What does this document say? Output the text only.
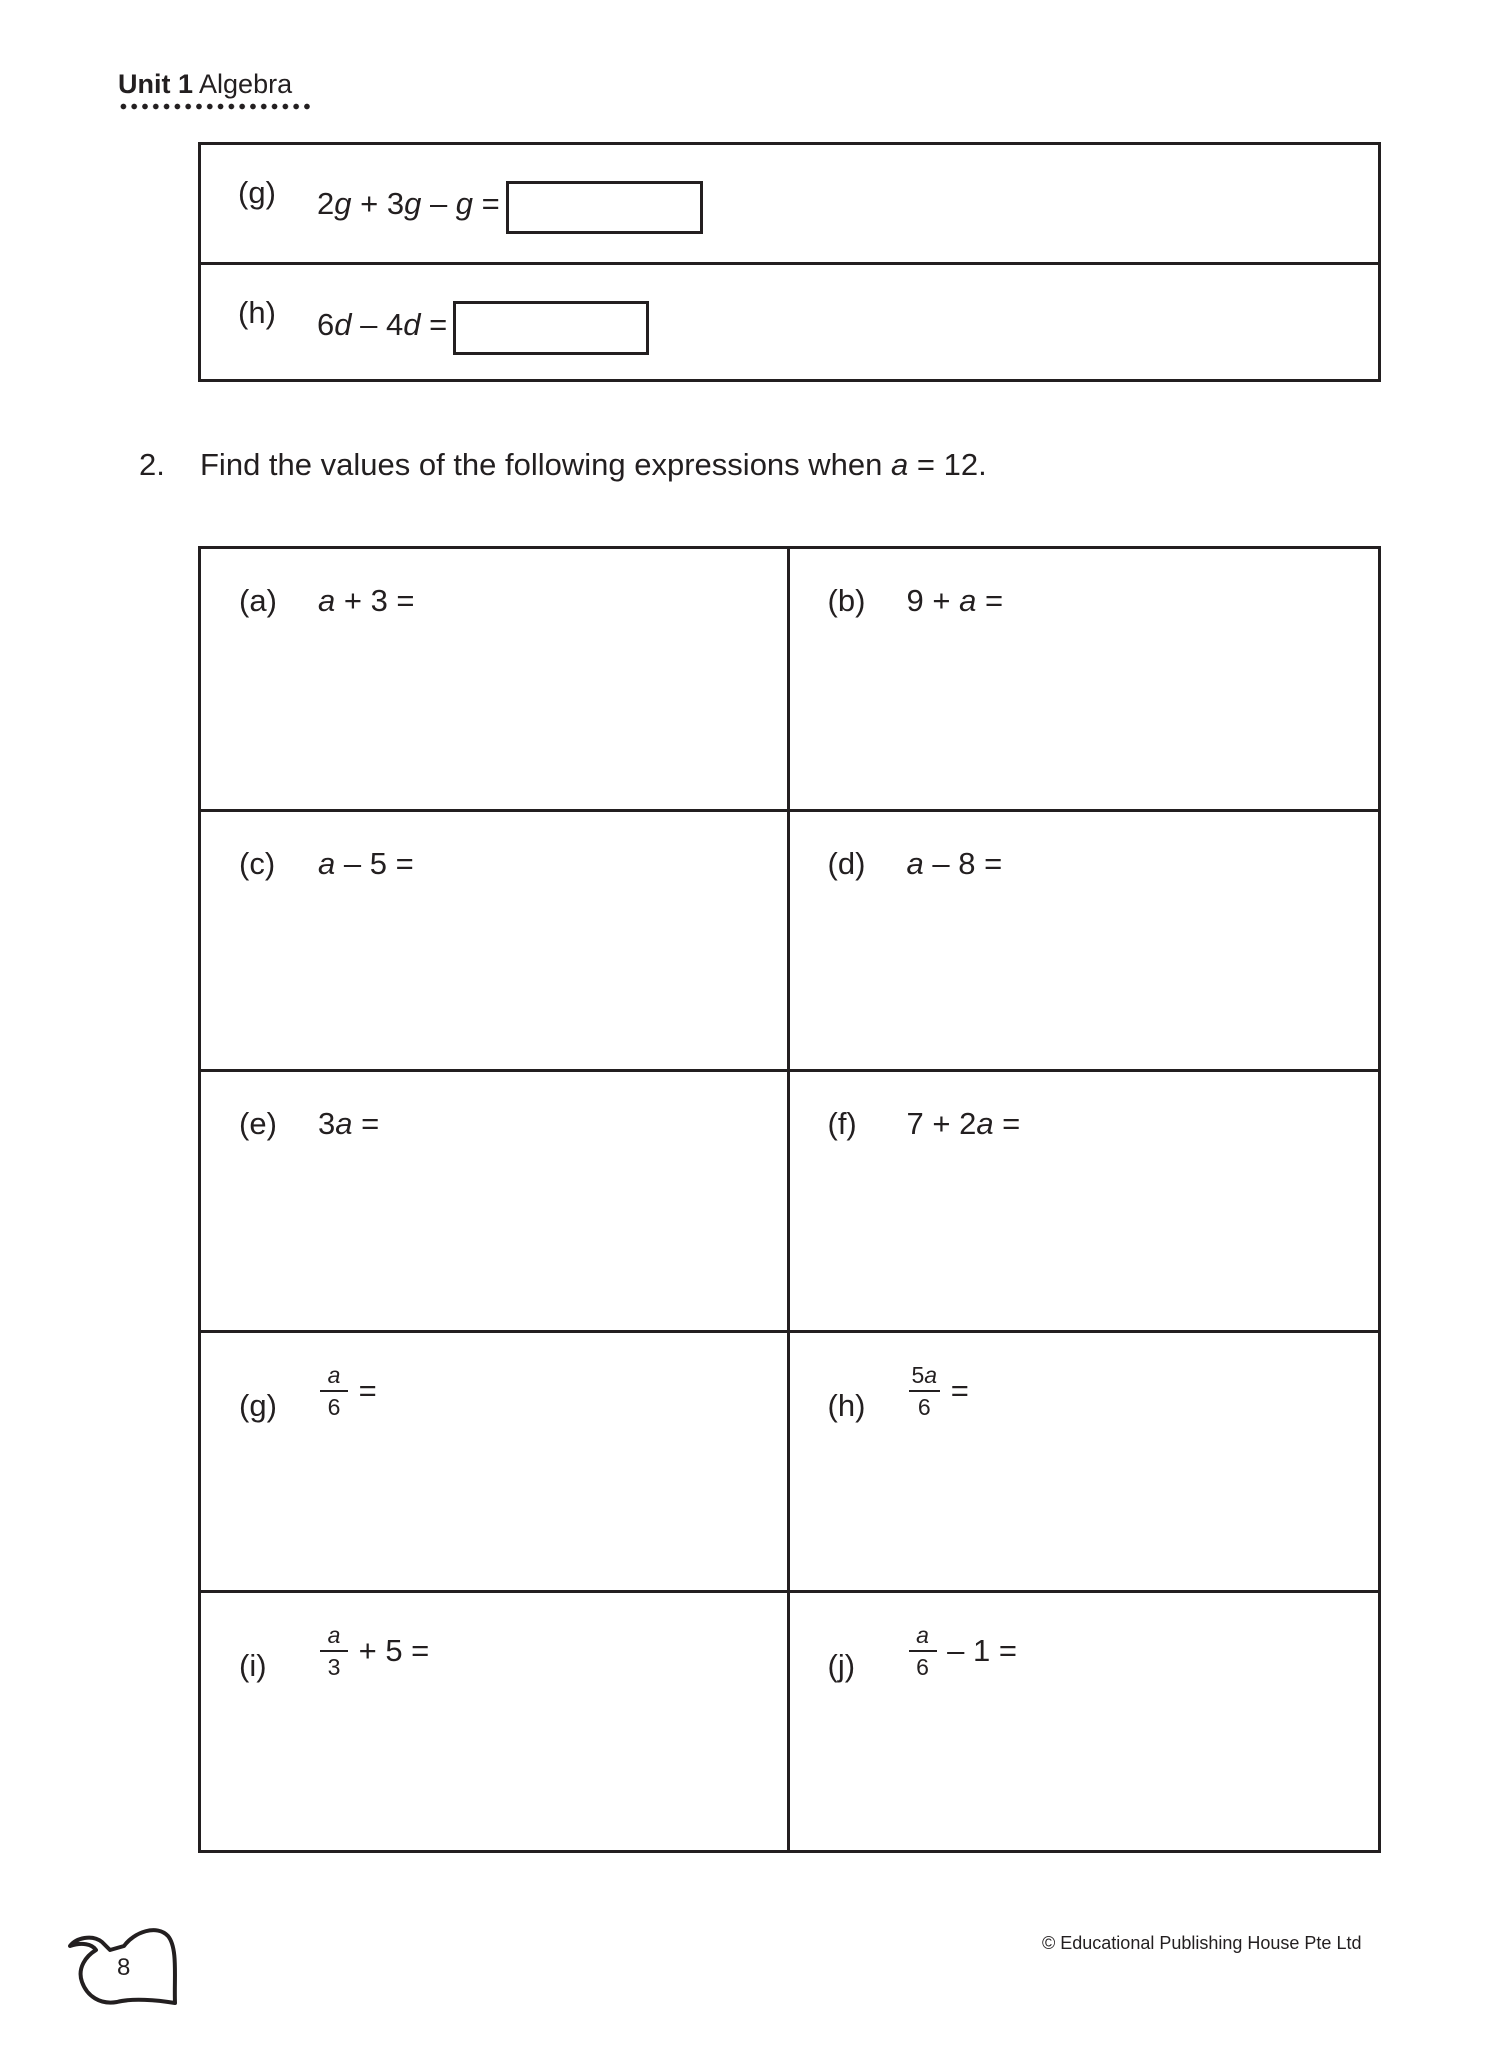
Unit 1 Algebra
(g) 2 g + 3 g – g =
(h) 6 d – 4 d =
2. Find the values of the following expressions when a = 12.
(a) a + 3 =	(b) 9 + a =
(c) a – 5 =	(d) a – 8 =
(e) 3 a =	(f) 7 + 2 a =
$(g) \frac{a}{6}$ =	$(h) \frac{5a}{6}$ =
$(i) \frac{a}{3} + 5$ =	$(j) \frac{a}{6} - 1$ =
8
© Educational Publishing House Pte Ltd
